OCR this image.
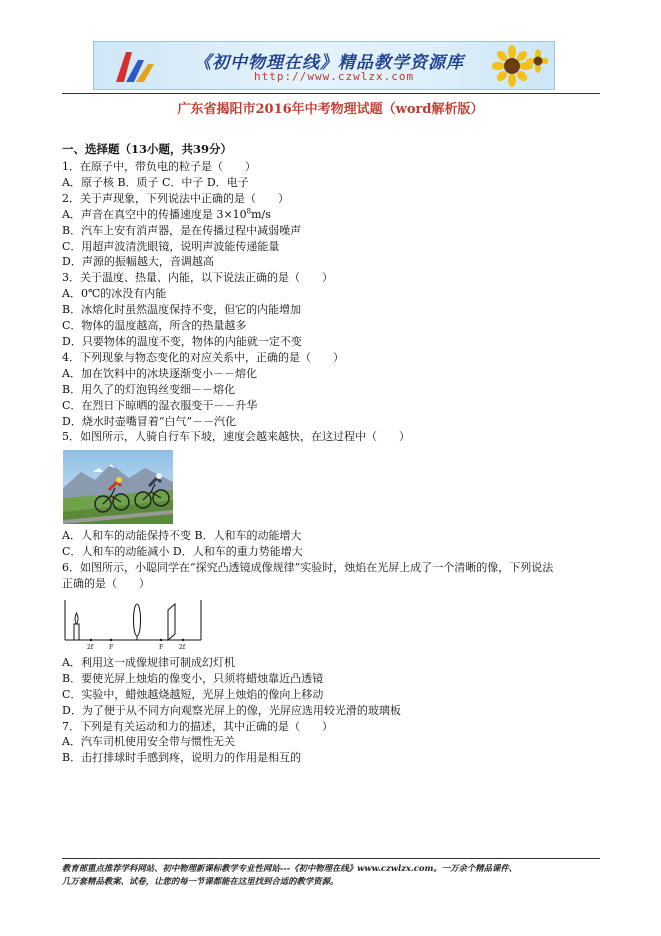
《初中物理在线》精品教学资源库
http://www.czwlzx.com
广东省揭阳市2016年中考物理试题（word解析版）
一、选择题（13小题，共39分）
1．在原子中，带负电的粒子是（　　）
A．原子核 B．质子 C．中子 D．电子
2．关于声现象，下列说法中正确的是（　　）
A．声音在真空中的传播速度是 $3\times 10^8m/s$
B．汽车上安有消声器，是在传播过程中减弱噪声
C．用超声波清洗眼镜，说明声波能传递能量
D．声源的振幅越大，音调越高
3．关于温度、热量、内能，以下说法正确的是（　　）
A．0℃的冰没有内能
B．冰熔化时虽然温度保持不变，但它的内能增加
C．物体的温度越高，所含的热量越多
D．只要物体的温度不变，物体的内能就一定不变
4．下列现象与物态变化的对应关系中，正确的是（　　）
A．加在饮料中的冰块逐渐变小－－熔化
B．用久了的灯泡钨丝变细－－熔化
C．在烈日下晾晒的湿衣服变干－－升华
D．烧水时壶嘴冒着“白气”－－汽化
5．如图所示，人骑自行车下坡，速度会越来越快，在这过程中（　　）
A．人和车的动能保持不变 B．人和车的动能增大
C．人和车的动能减小 D．人和车的重力势能增大
6．如图所示，小聪同学在“探究凸透镜成像规律”实验时，烛焰在光屏上成了一个清晰的像，下列说法
正确的是（　　）
2f	F	F	2f
A．利用这一成像规律可制成幻灯机
B．要使光屏上烛焰的像变小，只须将蜡烛靠近凸透镜
C．实验中，蜡烛越烧越短，光屏上烛焰的像向上移动
D．为了便于从不同方向观察光屏上的像，光屏应选用较光滑的玻璃板
7．下列是有关运动和力的描述，其中正确的是（　　）
A．汽车司机使用安全带与惯性无关
B．击打排球时手感到疼，说明力的作用是相互的
教育部重点推荐学科网站、初中物理新课标教学专业性网站---《初中物理在线》www.czwlzx.com。一万余个精品课件、
几万套精品教案、试卷，让您的每一节课都能在这里找到合适的教学资源。
